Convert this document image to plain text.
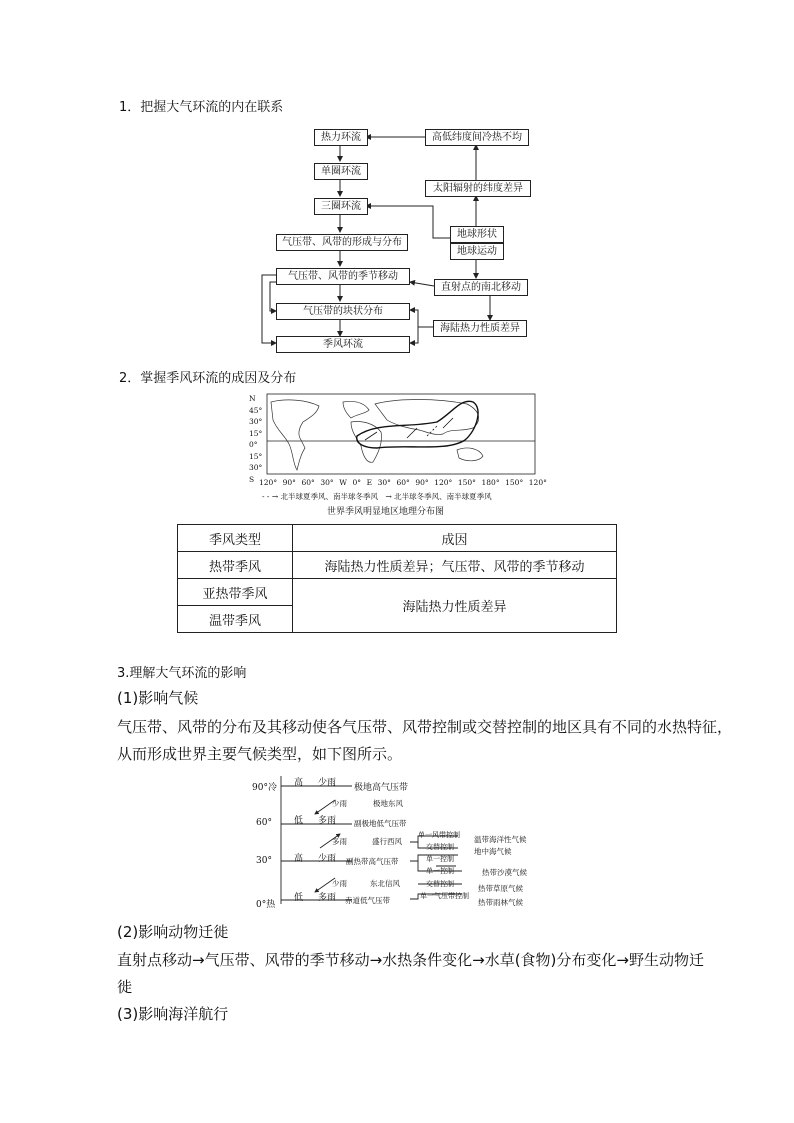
1．把握大气环流的内在联系
热力环流
单圈环流
三圈环流
气压带、风带的形成与分布
气压带、风带的季节移动
气压带的块状分布
季风环流
高低纬度间冷热不均
太阳辐射的纬度差异
地球形状
地球运动
直射点的南北移动
海陆热力性质差异
2．掌握季风环流的成因及分布
N
45°
30°
15°
0°
15°
30°
S 120° 90° 60° 30° W 0° E 30° 60° 90° 120° 150° 180° 150° 120°
- - → 北半球夏季风、南半球冬季风　→ 北半球冬季风、南半球夏季风
世界季风明显地区地理分布图
季风类型	成因
热带季风	海陆热力性质差异；气压带、风带的季节移动
亚热带季风	海陆热力性质差异
温带季风	
3.理解大气环流的影响
(1)影响气候
气压带、风带的分布及其移动使各气压带、风带控制或交替控制的地区具有不同的水热特征，
从而形成世界主要气候类型，如下图所示。
90°冷
60°
30°
0°热
高 少雨 极地高气压带
少雨	极地东风
低 多雨 副极地低气压带
多雨	盛行西风
高 少雨 副热带高气压带
少雨	东北信风
低 多雨 赤道低气压带
单一风带控制
交替控制
单一控制
单一控制
交替控制
单一气压带控制
温带海洋性气候
地中海气候
热带沙漠气候
热带草原气候
热带雨林气候
(2)影响动物迁徙
直射点移动→气压带、风带的季节移动→水热条件变化→水草(食物)分布变化→野生动物迁
徙
(3)影响海洋航行
